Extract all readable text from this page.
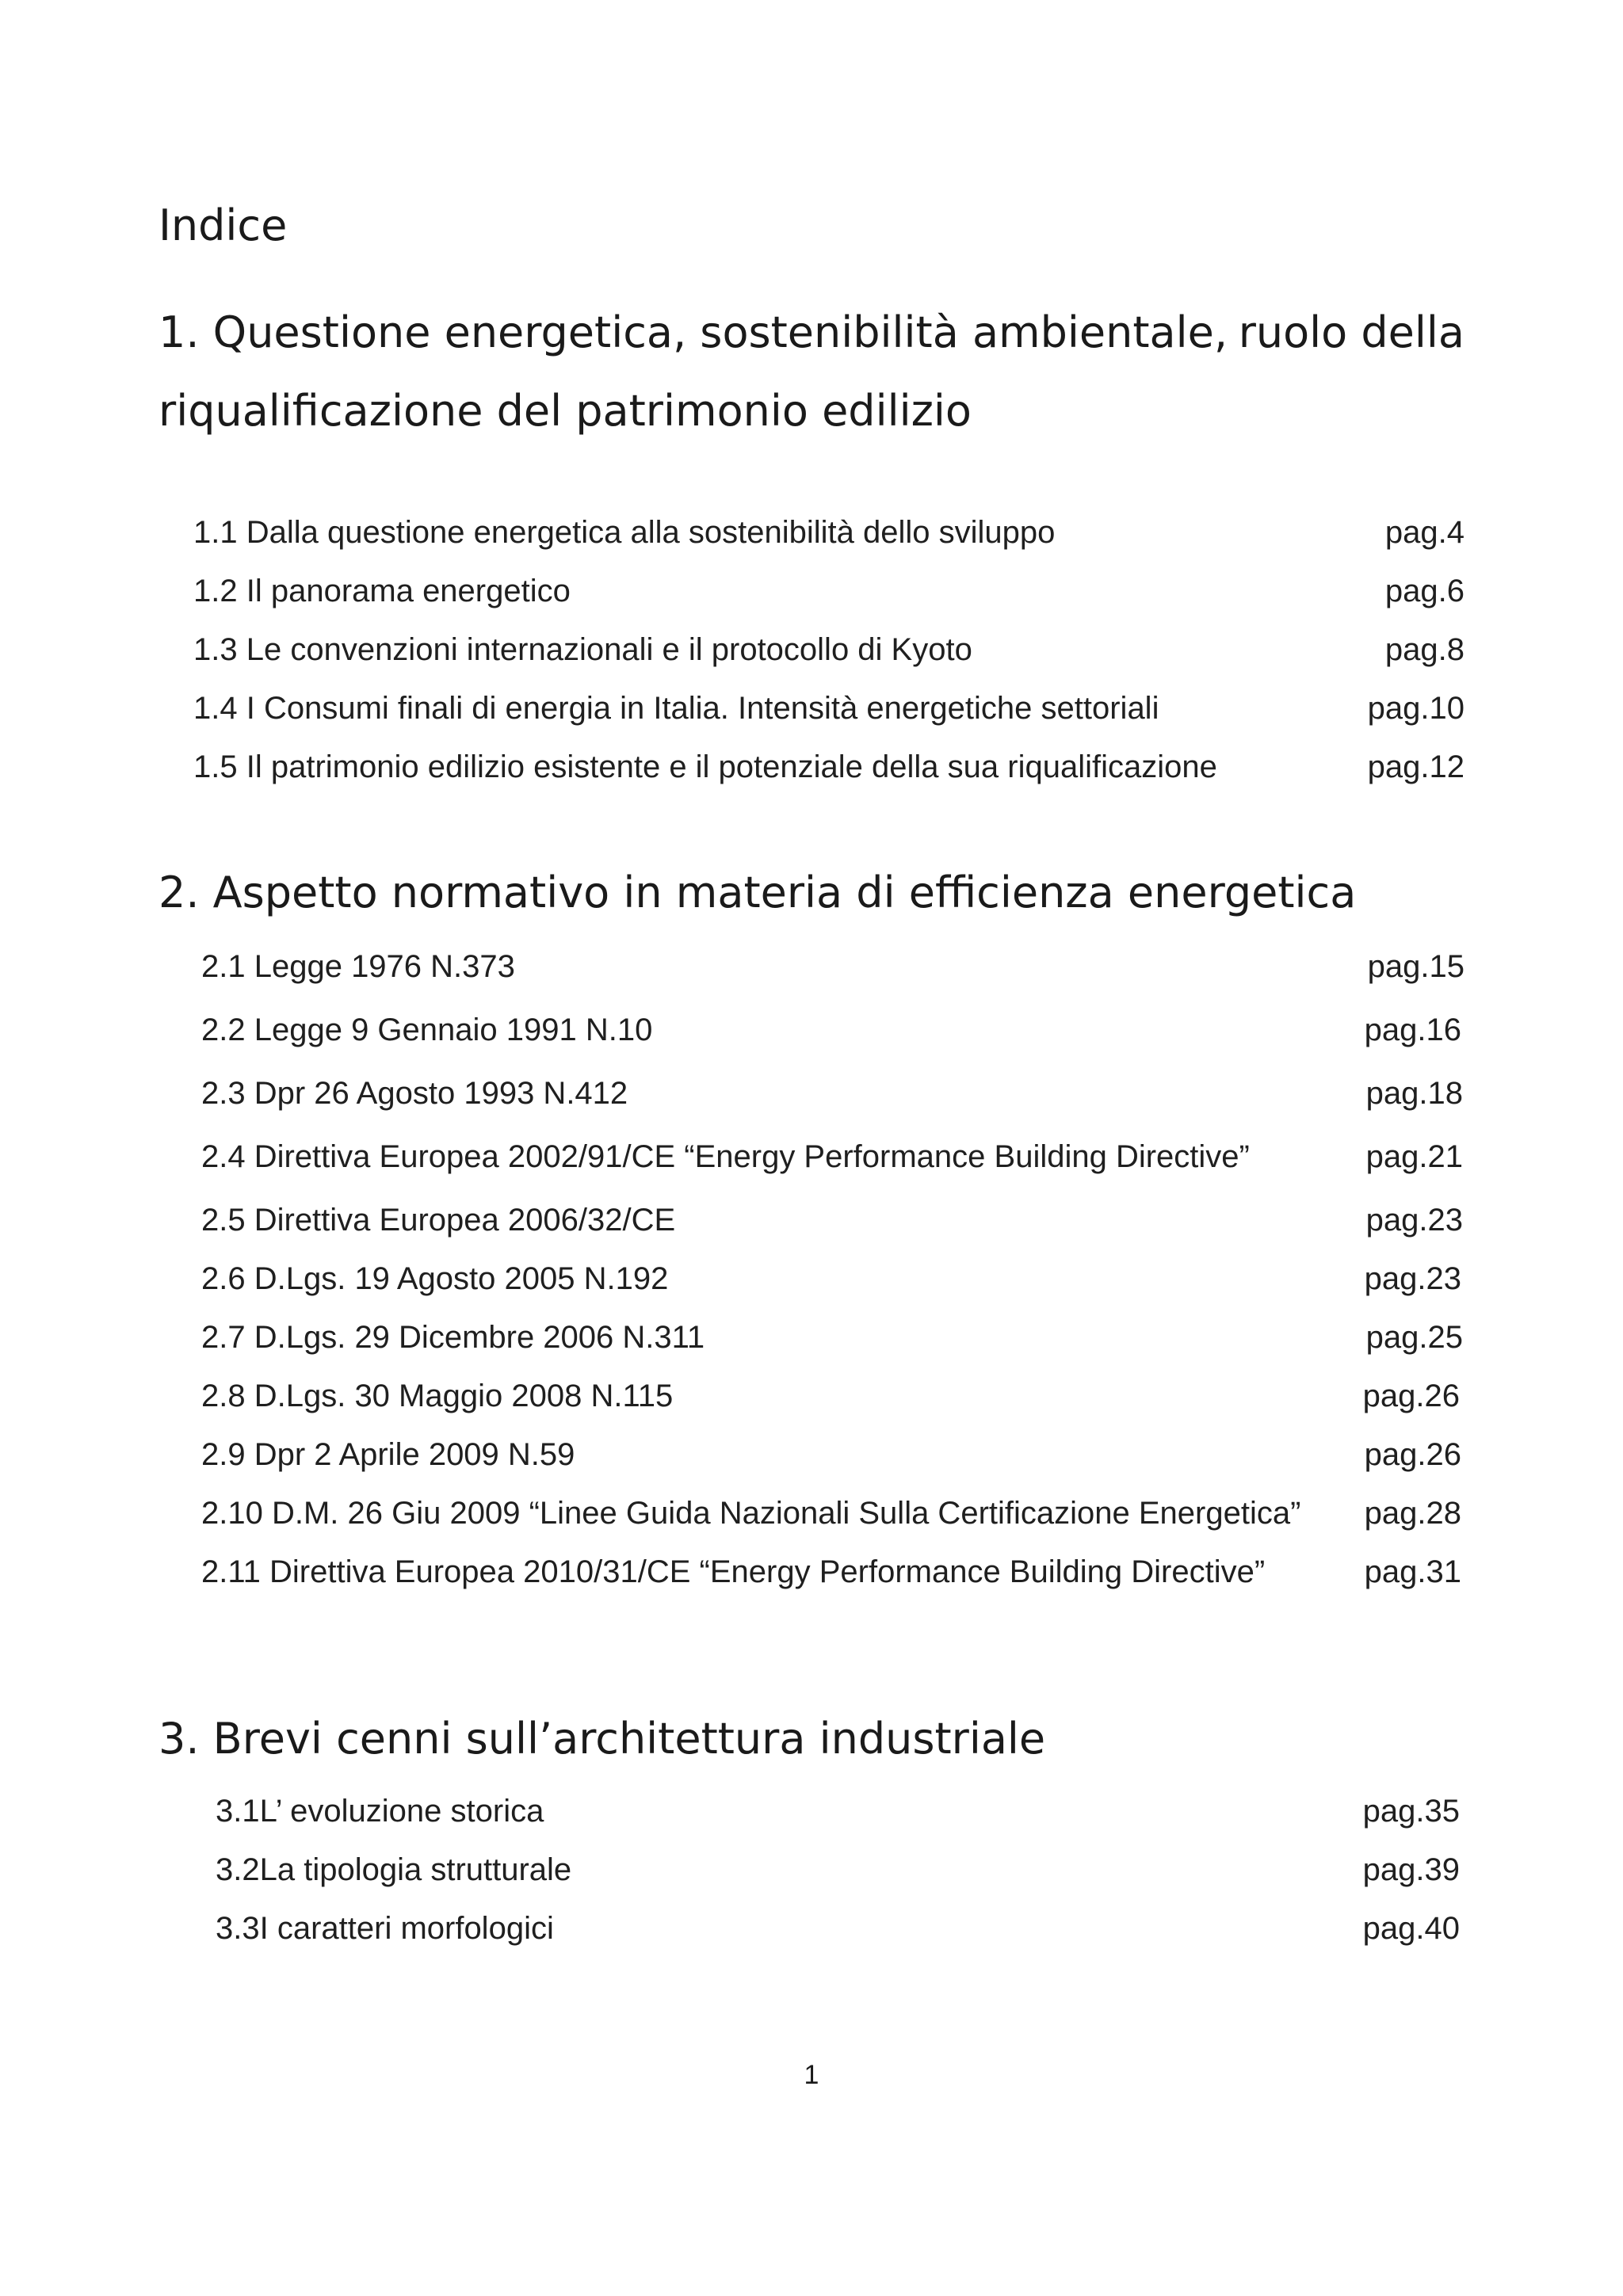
Indice
1. Questione energetica, sostenibilità ambientale, ruolo della
riqualificazione del patrimonio edilizio
1.1 Dalla questione energetica alla sostenibilità dello sviluppo	pag.4
1.2 Il panorama energetico	pag.6
1.3 Le convenzioni internazionali e il protocollo di Kyoto	pag.8
1.4 I Consumi finali di energia in Italia. Intensità energetiche settoriali	pag.10
1.5 Il patrimonio edilizio esistente e il potenziale della sua riqualificazione	pag.12
2. Aspetto normativo in materia di efficienza energetica
2.1 Legge 1976 N.373	pag.15
2.2 Legge 9 Gennaio 1991 N.10	pag.16
2.3 Dpr 26 Agosto 1993 N.412	pag.18
2.4 Direttiva Europea 2002/91/CE “Energy Performance Building Directive”	pag.21
2.5 Direttiva Europea 2006/32/CE	pag.23
2.6 D.Lgs. 19 Agosto 2005 N.192	pag.23
2.7 D.Lgs. 29 Dicembre 2006 N.311	pag.25
2.8 D.Lgs. 30 Maggio 2008 N.115	pag.26
2.9 Dpr 2 Aprile 2009 N.59	pag.26
2.10 D.M. 26 Giu 2009 “Linee Guida Nazionali Sulla Certificazione Energetica” pag.28
2.11 Direttiva Europea 2010/31/CE “Energy Performance Building Directive”	pag.31
3. Brevi cenni sull’architettura industriale
3.1L’ evoluzione storica	pag.35
3.2La tipologia strutturale	pag.39
3.3I caratteri morfologici	pag.40
1
